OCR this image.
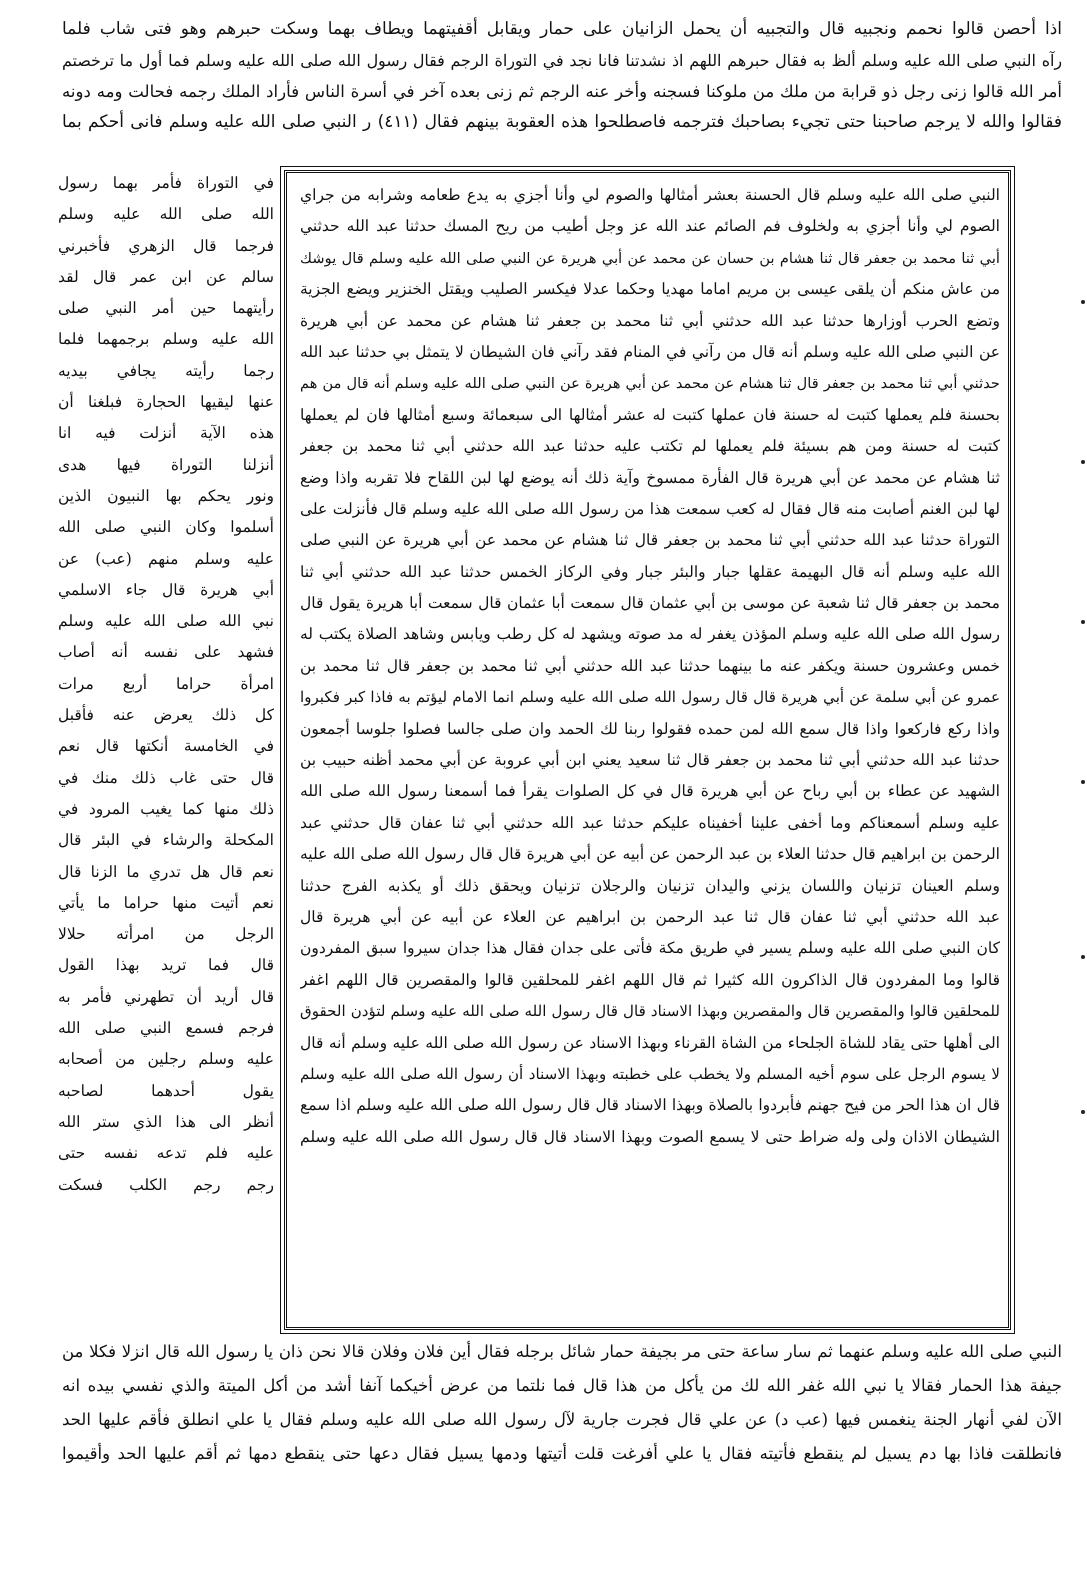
اذا أحصن قالوا نحمم ونجبيه قال والتجبيه أن يحمل الزانيان على حمار ويقابل أقفيتهما ويطاف بهما وسكت حبرهم وهو فتى شاب فلما
رآه النبي صلى الله عليه وسلم ألظ به فقال حبرهم اللهم اذ نشدتنا فانا نجد في التوراة الرجم فقال رسول الله صلى الله عليه وسلم فما أول ما ترخصتم
أمر الله قالوا زنى رجل ذو قرابة من ملك من ملوكنا فسجنه وأخر عنه الرجم ثم زنى بعده آخر في أسرة الناس فأراد الملك رجمه فحالت ومه دونه
فقالوا والله لا يرجم صاحبنا حتى تجيء بصاحبك فترجمه فاصطلحوا هذه العقوبة بينهم فقال (٤١١) ر النبي صلى الله عليه وسلم فانى أحكم بما
النبي صلى الله عليه وسلم قال الحسنة بعشر أمثالها والصوم لي وأنا أجزي به يدع طعامه وشرابه من جراي
الصوم لي وأنا أجزي به ولخلوف فم الصائم عند الله عز وجل أطيب من ريح المسك حدثنا عبد الله حدثني
أبي ثنا محمد بن جعفر قال ثنا هشام بن حسان عن محمد عن أبي هريرة عن النبي صلى الله عليه وسلم قال يوشك
من عاش منكم أن يلقى عيسى بن مريم اماما مهديا وحكما عدلا فيكسر الصليب ويقتل الخنزير ويضع الجزية
وتضع الحرب أوزارها حدثنا عبد الله حدثني أبي ثنا محمد بن جعفر ثنا هشام عن محمد عن أبي هريرة
عن النبي صلى الله عليه وسلم أنه قال من رآني في المنام فقد رآني فان الشيطان لا يتمثل بي حدثنا عبد الله
حدثني أبي ثنا محمد بن جعفر قال ثنا هشام عن محمد عن أبي هريرة عن النبي صلى الله عليه وسلم أنه قال من هم
بحسنة فلم يعملها كتبت له حسنة فان عملها كتبت له عشر أمثالها الى سبعمائة وسبع أمثالها فان لم يعملها
كتبت له حسنة ومن هم بسيئة فلم يعملها لم تكتب عليه حدثنا عبد الله حدثني أبي ثنا محمد بن جعفر
ثنا هشام عن محمد عن أبي هريرة قال الفأرة ممسوخ وآية ذلك أنه يوضع لها لبن اللقاح فلا تقربه واذا وضع
لها لبن الغنم أصابت منه قال فقال له كعب سمعت هذا من رسول الله صلى الله عليه وسلم قال فأنزلت على
التوراة حدثنا عبد الله حدثني أبي ثنا محمد بن جعفر قال ثنا هشام عن محمد عن أبي هريرة عن النبي صلى
الله عليه وسلم أنه قال البهيمة عقلها جبار والبئر جبار وفي الركاز الخمس حدثنا عبد الله حدثني أبي ثنا
محمد بن جعفر قال ثنا شعبة عن موسى بن أبي عثمان قال سمعت أبا عثمان قال سمعت أبا هريرة يقول قال
رسول الله صلى الله عليه وسلم المؤذن يغفر له مد صوته ويشهد له كل رطب ويابس وشاهد الصلاة يكتب له
خمس وعشرون حسنة ويكفر عنه ما بينهما حدثنا عبد الله حدثني أبي ثنا محمد بن جعفر قال ثنا محمد بن
عمرو عن أبي سلمة عن أبي هريرة قال قال رسول الله صلى الله عليه وسلم انما الامام ليؤتم به فاذا كبر فكبروا
واذا ركع فاركعوا واذا قال سمع الله لمن حمده فقولوا ربنا لك الحمد وان صلى جالسا فصلوا جلوسا أجمعون
حدثنا عبد الله حدثني أبي ثنا محمد بن جعفر قال ثنا سعيد يعني ابن أبي عروبة عن أبي محمد أظنه حبيب بن
الشهيد عن عطاء بن أبي رباح عن أبي هريرة قال في كل الصلوات يقرأ فما أسمعنا رسول الله صلى الله
عليه وسلم أسمعناكم وما أخفى علينا أخفيناه عليكم حدثنا عبد الله حدثني أبي ثنا عفان قال حدثني عبد
الرحمن بن ابراهيم قال حدثنا العلاء بن عبد الرحمن عن أبيه عن أبي هريرة قال قال رسول الله صلى الله عليه
وسلم العينان تزنيان واللسان يزني واليدان تزنيان والرجلان تزنيان ويحقق ذلك أو يكذبه الفرج حدثنا
عبد الله حدثني أبي ثنا عفان قال ثنا عبد الرحمن بن ابراهيم عن العلاء عن أبيه عن أبي هريرة قال
كان النبي صلى الله عليه وسلم يسير في طريق مكة فأتى على جدان فقال هذا جدان سيروا سبق المفردون
قالوا وما المفردون قال الذاكرون الله كثيرا ثم قال اللهم اغفر للمحلقين قالوا والمقصرين قال اللهم اغفر
للمحلقين قالوا والمقصرين قال والمقصرين وبهذا الاسناد قال قال رسول الله صلى الله عليه وسلم لتؤدن الحقوق
الى أهلها حتى يقاد للشاة الجلحاء من الشاة القرناء وبهذا الاسناد عن رسول الله صلى الله عليه وسلم أنه قال
لا يسوم الرجل على سوم أخيه المسلم ولا يخطب على خطبته وبهذا الاسناد أن رسول الله صلى الله عليه وسلم
قال ان هذا الحر من فيح جهنم فأبردوا بالصلاة وبهذا الاسناد قال قال رسول الله صلى الله عليه وسلم اذا سمع
الشيطان الاذان ولى وله ضراط حتى لا يسمع الصوت وبهذا الاسناد قال قال رسول الله صلى الله عليه وسلم
في التوراة فأمر بهما رسول
الله صلى الله عليه وسلم
فرجما قال الزهري فأخبرني
سالم عن ابن عمر قال لقد
رأيتهما حين أمر النبي صلى
الله عليه وسلم برجمهما فلما
رجما رأيته يجافي بيديه
عنها ليقيها الحجارة فبلغنا أن
هذه الآية أنزلت فيه انا
أنزلنا التوراة فيها هدى
ونور يحكم بها النبيون الذين
أسلموا وكان النبي صلى الله
عليه وسلم منهم (عب) عن
أبي هريرة قال جاء الاسلمي
نبي الله صلى الله عليه وسلم
فشهد على نفسه أنه أصاب
امرأة حراما أربع مرات
كل ذلك يعرض عنه فأقبل
في الخامسة أنكتها قال نعم
قال حتى غاب ذلك منك في
ذلك منها كما يغيب المرود في
المكحلة والرشاء في البئر قال
نعم قال هل تدري ما الزنا قال
نعم أتيت منها حراما ما يأتي
الرجل من امرأته حلالا
قال فما تريد بهذا القول
قال أريد أن تطهرني فأمر به
فرجم فسمع النبي صلى الله
عليه وسلم رجلين من أصحابه
يقول أحدهما لصاحبه
أنظر الى هذا الذي ستر الله
عليه فلم تدعه نفسه حتى
رجم رجم الكلب فسكت
النبي صلى الله عليه وسلم عنهما ثم سار ساعة حتى مر بجيفة حمار شائل برجله فقال أين فلان وفلان قالا نحن ذان يا رسول الله قال انزلا فكلا من
جيفة هذا الحمار فقالا يا نبي الله غفر الله لك من يأكل من هذا قال فما نلتما من عرض أخيكما آنفا أشد من أكل الميتة والذي نفسي بيده انه
الآن لفي أنهار الجنة ينغمس فيها (عب د) عن علي قال فجرت جارية لآل رسول الله صلى الله عليه وسلم فقال يا علي انطلق فأقم عليها الحد
فانطلقت فاذا بها دم يسيل لم ينقطع فأتيته فقال يا علي أفرغت قلت أتيتها ودمها يسيل فقال دعها حتى ينقطع دمها ثم أقم عليها الحد وأقيموا
